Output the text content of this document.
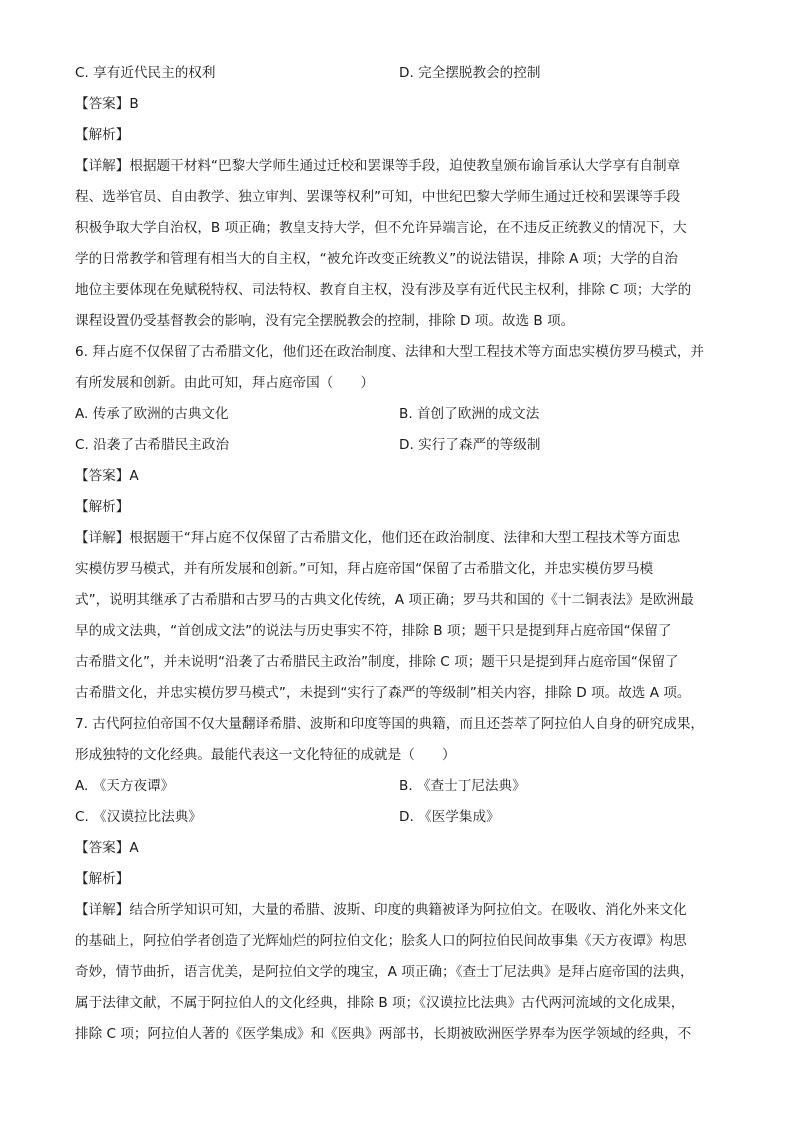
C. 享有近代民主的权利	D. 完全摆脱教会的控制
【答案】B
【解析】
【详解】根据题干材料“巴黎大学师生通过迁校和罢课等手段，迫使教皇颁布谕旨承认大学享有自制章
程、选举官员、自由教学、独立审判、罢课等权利”可知，中世纪巴黎大学师生通过迁校和罢课等手段
积极争取大学自治权，B 项正确；教皇支持大学，但不允许异端言论，在不违反正统教义的情况下，大
学的日常教学和管理有相当大的自主权，“被允许改变正统教义”的说法错误，排除 A 项；大学的自治
地位主要体现在免赋税特权、司法特权、教育自主权，没有涉及享有近代民主权利，排除 C 项；大学的
课程设置仍受基督教会的影响，没有完全摆脱教会的控制，排除 D 项。故选 B 项。
6. 拜占庭不仅保留了古希腊文化，他们还在政治制度、法律和大型工程技术等方面忠实模仿罗马模式，并
有所发展和创新。由此可知，拜占庭帝国（　　）
A. 传承了欧洲的古典文化	B. 首创了欧洲的成文法
C. 沿袭了古希腊民主政治	D. 实行了森严的等级制
【答案】A
【解析】
【详解】根据题干“拜占庭不仅保留了古希腊文化，他们还在政治制度、法律和大型工程技术等方面忠
实模仿罗马模式，并有所发展和创新。”可知，拜占庭帝国“保留了古希腊文化，并忠实模仿罗马模
式”，说明其继承了古希腊和古罗马的古典文化传统，A 项正确；罗马共和国的《十二铜表法》是欧洲最
早的成文法典，“首创成文法”的说法与历史事实不符，排除 B 项；题干只是提到拜占庭帝国“保留了
古希腊文化”，并未说明“沿袭了古希腊民主政治”制度，排除 C 项；题干只是提到拜占庭帝国“保留了
古希腊文化，并忠实模仿罗马模式”，未提到“实行了森严的等级制”相关内容，排除 D 项。故选 A 项。
7. 古代阿拉伯帝国不仅大量翻译希腊、波斯和印度等国的典籍，而且还荟萃了阿拉伯人自身的研究成果，
形成独特的文化经典。最能代表这一文化特征的成就是（　　）
A. 《天方夜谭》	B. 《查士丁尼法典》
C. 《汉谟拉比法典》	D. 《医学集成》
【答案】A
【解析】
【详解】结合所学知识可知，大量的希腊、波斯、印度的典籍被译为阿拉伯文。在吸收、消化外来文化
的基础上，阿拉伯学者创造了光辉灿烂的阿拉伯文化；脍炙人口的阿拉伯民间故事集《天方夜谭》构思
奇妙，情节曲折，语言优美，是阿拉伯文学的瑰宝，A 项正确；《查士丁尼法典》是拜占庭帝国的法典，
属于法律文献，不属于阿拉伯人的文化经典，排除 B 项；《汉谟拉比法典》古代两河流域的文化成果，
排除 C 项；阿拉伯人著的《医学集成》和《医典》两部书，长期被欧洲医学界奉为医学领域的经典，不
